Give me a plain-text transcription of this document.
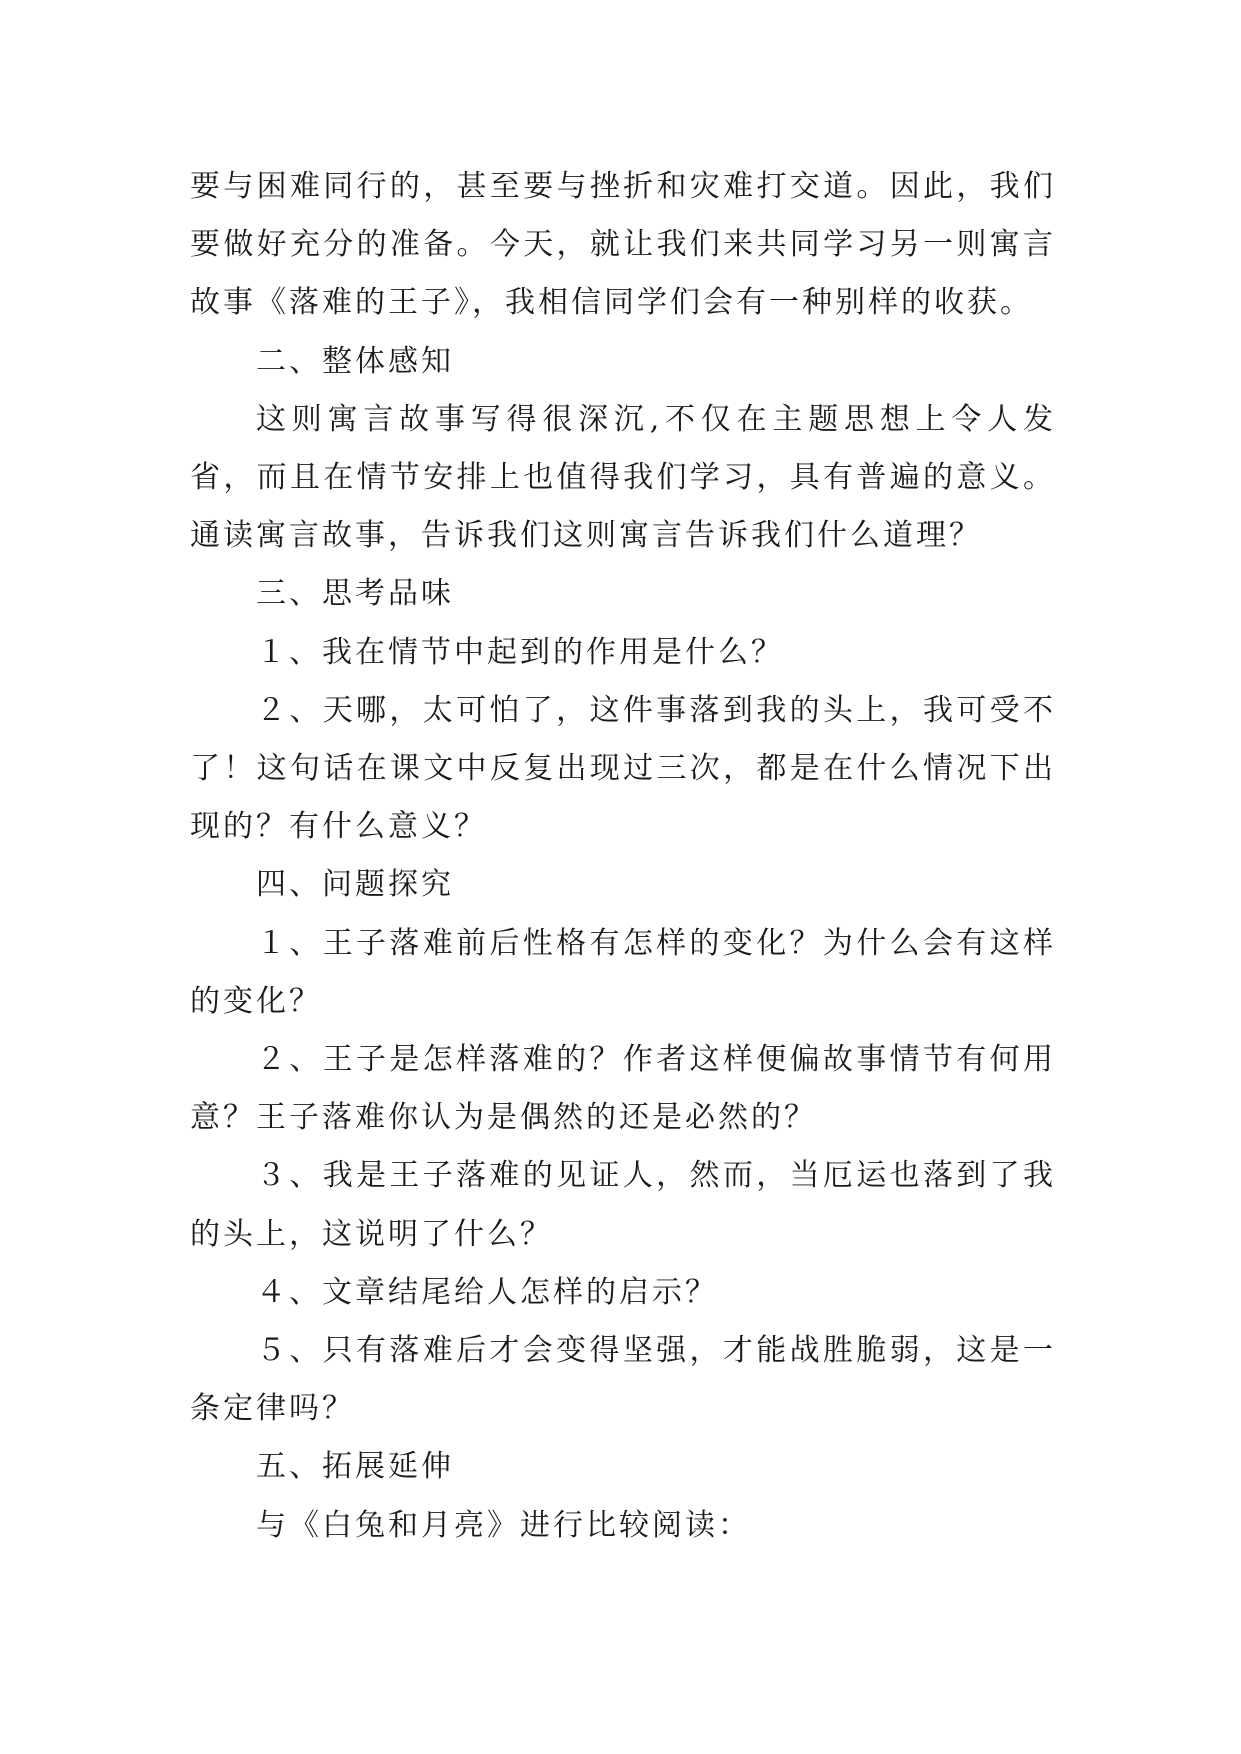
要与困难同行的，甚至要与挫折和灾难打交道。因此，我们要做好充分的准备。今天，就让我们来共同学习另一则寓言故事《落难的王子》，我相信同学们会有一种别样的收获。

二、整体感知

这则寓言故事写得很深沉,不仅在主题思想上令人发省，而且在情节安排上也值得我们学习，具有普遍的意义。通读寓言故事，告诉我们这则寓言告诉我们什么道理？

三、思考品味

１、我在情节中起到的作用是什么？

２、天哪，太可怕了，这件事落到我的头上，我可受不了！这句话在课文中反复出现过三次，都是在什么情况下出现的？有什么意义？

四、问题探究

１、王子落难前后性格有怎样的变化？为什么会有这样的变化？

２、王子是怎样落难的？作者这样便偏故事情节有何用意？王子落难你认为是偶然的还是必然的？

３、我是王子落难的见证人，然而，当厄运也落到了我的头上，这说明了什么？

４、文章结尾给人怎样的启示？

５、只有落难后才会变得坚强，才能战胜脆弱，这是一条定律吗？

五、拓展延伸

与《白兔和月亮》进行比较阅读：
